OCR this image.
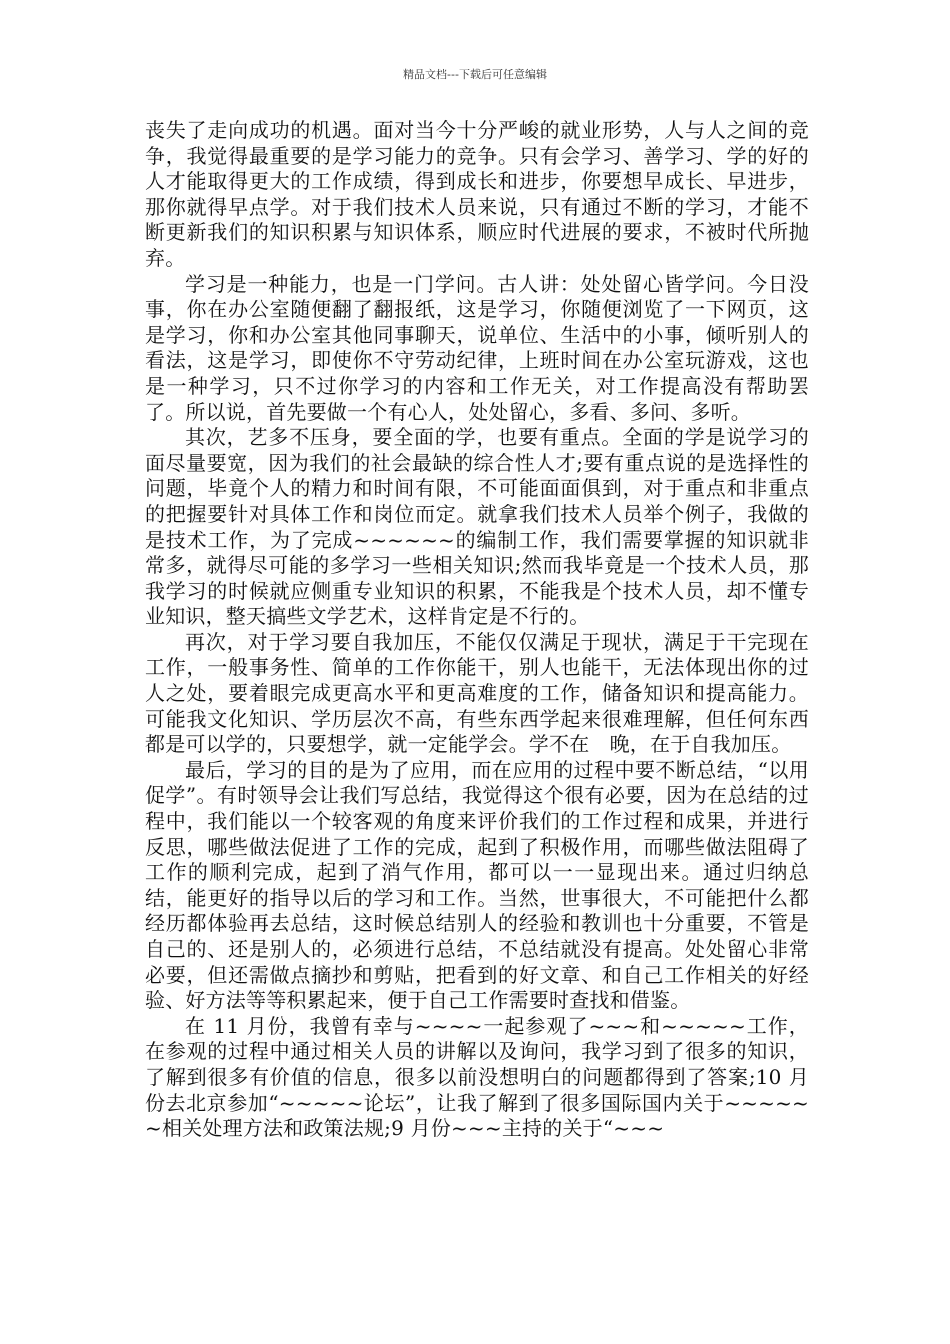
精品文档---下载后可任意编辑

丧失了走向成功的机遇。面对当今十分严峻的就业形势，人与人之间的竞争，我觉得最重要的是学习能力的竞争。只有会学习、善学习、学的好的人才能取得更大的工作成绩，得到成长和进步，你要想早成长、早进步，那你就得早点学。对于我们技术人员来说，只有通过不断的学习，才能不断更新我们的知识积累与知识体系，顺应时代进展的要求，不被时代所抛弃。

学习是一种能力，也是一门学问。古人讲：处处留心皆学问。今日没事，你在办公室随便翻了翻报纸，这是学习，你随便浏览了一下网页，这是学习，你和办公室其他同事聊天，说单位、生活中的小事，倾听别人的看法，这是学习，即使你不守劳动纪律，上班时间在办公室玩游戏，这也是一种学习，只不过你学习的内容和工作无关，对工作提高没有帮助罢了。所以说，首先要做一个有心人，处处留心，多看、多问、多听。

其次，艺多不压身，要全面的学，也要有重点。全面的学是说学习的面尽量要宽，因为我们的社会最缺的综合性人才;要有重点说的是选择性的问题，毕竟个人的精力和时间有限，不可能面面俱到，对于重点和非重点的把握要针对具体工作和岗位而定。就拿我们技术人员举个例子，我做的是技术工作，为了完成~~~~~~的编制工作，我们需要掌握的知识就非常多，就得尽可能的多学习一些相关知识;然而我毕竟是一个技术人员，那我学习的时候就应侧重专业知识的积累，不能我是个技术人员，却不懂专业知识，整天搞些文学艺术，这样肯定是不行的。

再次，对于学习要自我加压，不能仅仅满足于现状，满足于干完现在工作，一般事务性、简单的工作你能干，别人也能干，无法体现出你的过人之处，要着眼完成更高水平和更高难度的工作，储备知识和提高能力。可能我文化知识、学历层次不高，有些东西学起来很难理解，但任何东西都是可以学的，只要想学，就一定能学会。学不在　晚，在于自我加压。

最后，学习的目的是为了应用，而在应用的过程中要不断总结，“以用促学”。有时领导会让我们写总结，我觉得这个很有必要，因为在总结的过程中，我们能以一个较客观的角度来评价我们的工作过程和成果，并进行反思，哪些做法促进了工作的完成，起到了积极作用，而哪些做法阻碍了工作的顺利完成，起到了消气作用，都可以一一显现出来。通过归纳总结，能更好的指导以后的学习和工作。当然，世事很大，不可能把什么都经历都体验再去总结，这时候总结别人的经验和教训也十分重要，不管是自己的、还是别人的，必须进行总结，不总结就没有提高。处处留心非常必要，但还需做点摘抄和剪贴，把看到的好文章、和自己工作相关的好经验、好方法等等积累起来，便于自己工作需要时查找和借鉴。

在 11 月份，我曾有幸与~~~~一起参观了~~~和~~~~~工作，在参观的过程中通过相关人员的讲解以及询问，我学习到了很多的知识，了解到很多有价值的信息，很多以前没想明白的问题都得到了答案;10 月份去北京参加“~~~~~论坛”，让我了解到了很多国际国内关于~~~~~~相关处理方法和政策法规;9 月份~~~主持的关于“~~~
